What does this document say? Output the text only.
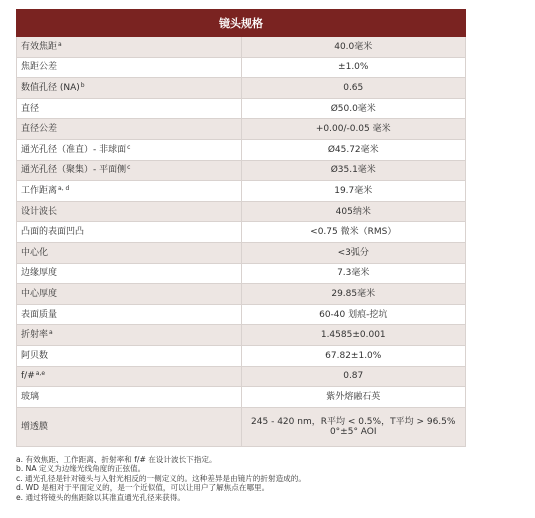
镜头规格	
有效焦距$^a$	40.0毫米
焦距公差	±1.0%
数值孔径 (NA)$^b$	0.65
直径	Ø50.0毫米
直径公差	+0.00/-0.05 毫米
通光孔径（准直）- 非球面$^c$	Ø45.72毫米
通光孔径（聚集）- 平面侧$^c$	Ø35.1毫米
工作距离$^{a, d}$	19.7毫米
设计波长	405纳米
凸面的表面凹凸	<0.75 微米（RMS）
中心化	<3弧分
边缘厚度	7.3毫米
中心厚度	29.85毫米
表面质量	60-40 划痕-挖坑
折射率$^a$	1.4585±0.001
阿贝数	67.82±1.0%
f/#$^{a,e}$	0.87
玻璃	紫外熔融石英
增透膜	245 - 420 nm，R平均 < 0.5%，T平均 > 96.5%
0°±5° AOI
a. 有效焦距、工作距离、折射率和 f/# 在设计波长下指定。
b. NA 定义为边缘光线角度的正弦值。
c. 通光孔径是针对镜头与入射光相反的一侧定义的。这种差异是由镜片的折射造成的。
d. WD 是相对于平面定义的，是一个近似值，可以让用户了解焦点在哪里。
e. 通过将镜头的焦距除以其准直通光孔径来获得。
